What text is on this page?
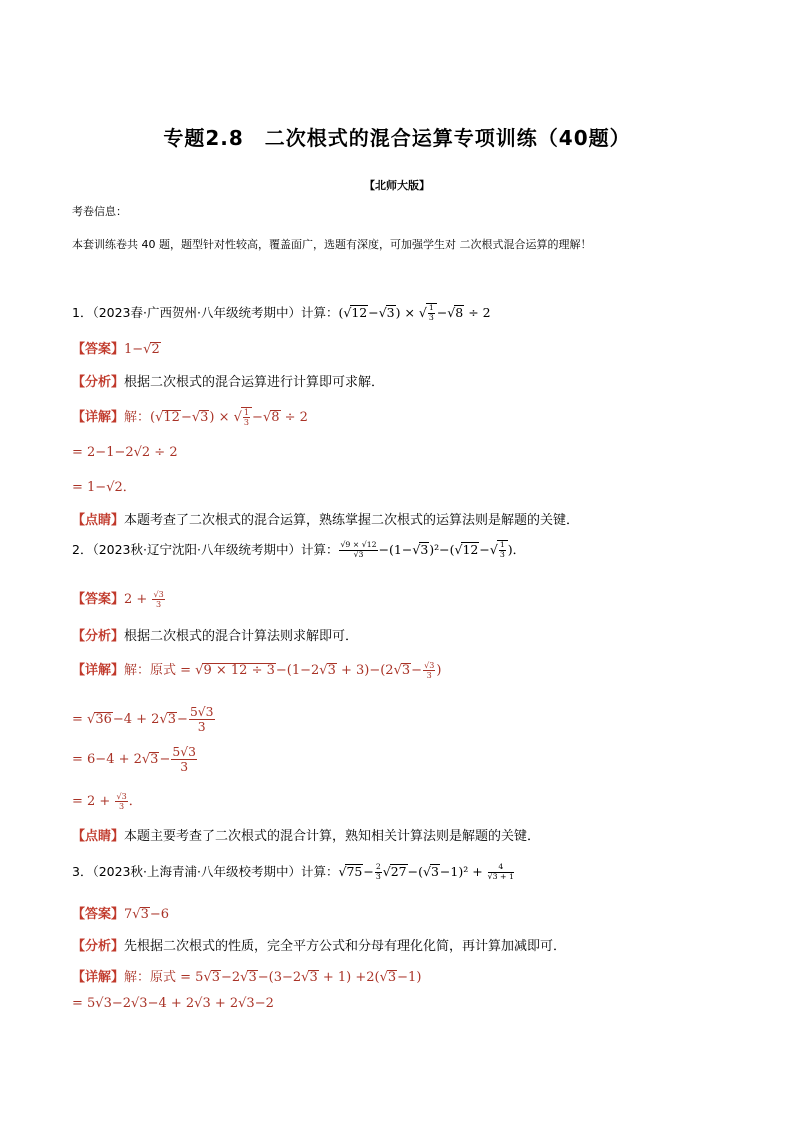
专题2.8　二次根式的混合运算专项训练（40题）
【北师大版】
考卷信息：
本套训练卷共 40 题，题型针对性较高，覆盖面广，选题有深度，可加强学生对 二次根式混合运算的理解！
1．（2023春·广西贺州·八年级统考期中）计算：(√12−√3) × √ $\frac{1}{3} -√8 \div 2$
【答案】1−√2
【分析】根据二次根式的混合运算进行计算即可求解．
【详解】解：(√12−√3) × √ $\frac{1}{3} -√8 \div 2$
= 2−1−2√2 ÷ 2
= 1−√2．
【点睛】本题考查了二次根式的混合运算，熟练掌握二次根式的运算法则是解题的关键．
2．（2023秋·辽宁沈阳·八年级统考期中）计算： $\frac{√9 \times √12}{√3} -(1-√3)^2-(√12-√ \frac{1}{3}$ )．
【答案】$2 + \frac{√3}{3}$
【分析】根据二次根式的混合计算法则求解即可．
【详解】解：原式 = $√9 \times 12 \div 3-(1-2√3 + 3)-(2√3- \frac{√3}{3}$ )
= $√36-4 + 2√3- \frac{5√3}{3}$
= $6-4 + 2√3- \frac{5√3}{3}$
= $2 + \frac{√3}{3}$ ．
【点睛】本题主要考查了二次根式的混合计算，熟知相关计算法则是解题的关键．
3．（2023秋·上海青浦·八年级校考期中）计算：$√75- \frac{2}{3} √27-(√3-1)^2 + \frac{4}{√3 + 1}$
【答案】7√3−6
【分析】先根据二次根式的性质，完全平方公式和分母有理化化简，再计算加减即可．
【详解】解：原式 = 5√3−2√3−(3−2√3 + 1) +2(√3−1)
= 5√3−2√3−4 + 2√3 + 2√3−2
